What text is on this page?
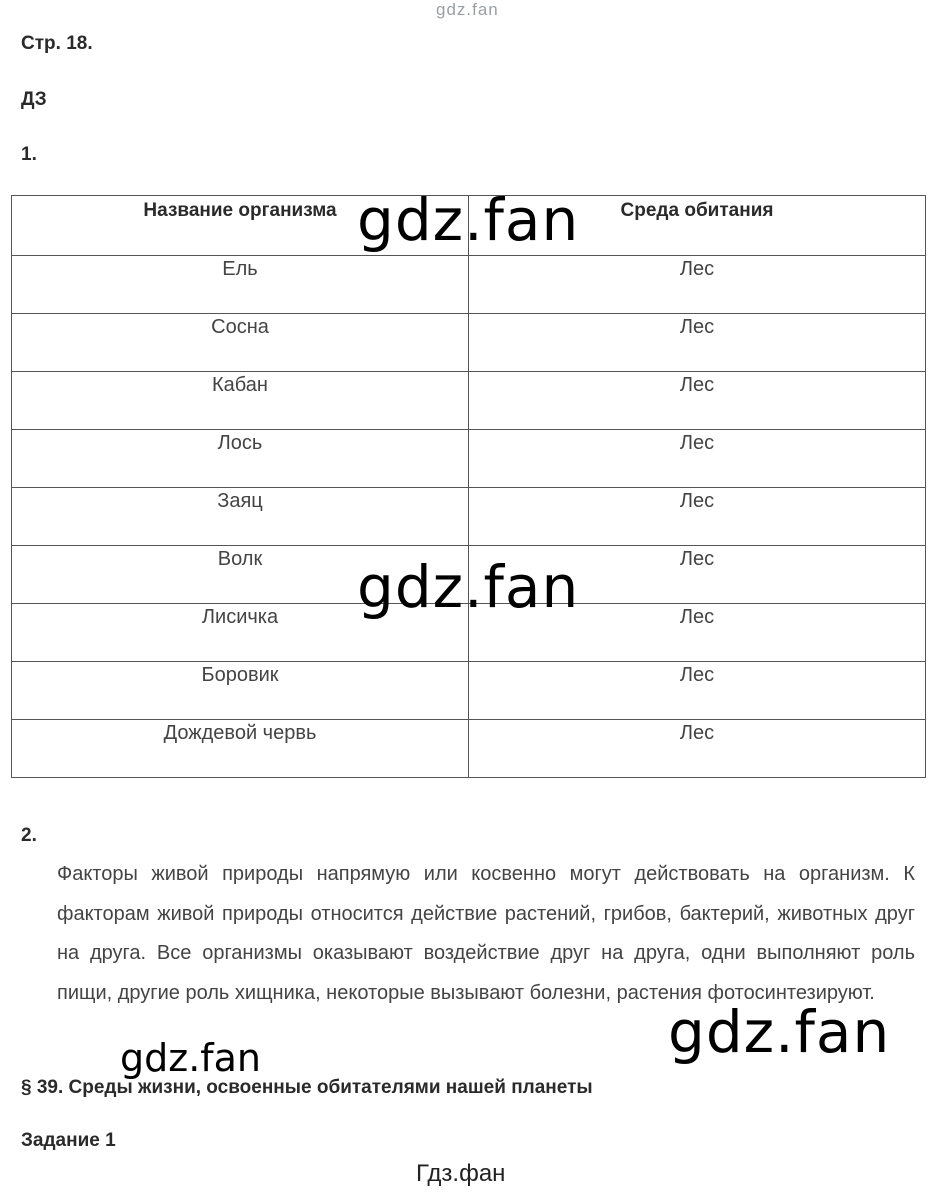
gdz.fan
Стр. 18.
ДЗ
1.
Название организма	Среда обитания
Ель	Лес
Сосна	Лес
Кабан	Лес
Лось	Лес
Заяц	Лес
Волк	Лес
Лисичка	Лес
Боровик	Лес
Дождевой червь	Лес
gdz.fan
gdz.fan
2.
Факторы живой природы напрямую или косвенно могут действовать на организм. К факторам живой природы относится действие растений, грибов, бактерий, животных друг на друга. Все организмы оказывают воздействие друг на друга, одни выполняют роль пищи, другие роль хищника, некоторые вызывают болезни, растения фотосинтезируют.
gdz.fan
gdz.fan
§ 39. Среды жизни, освоенные обитателями нашей планеты
Задание 1
Гдз.фан
